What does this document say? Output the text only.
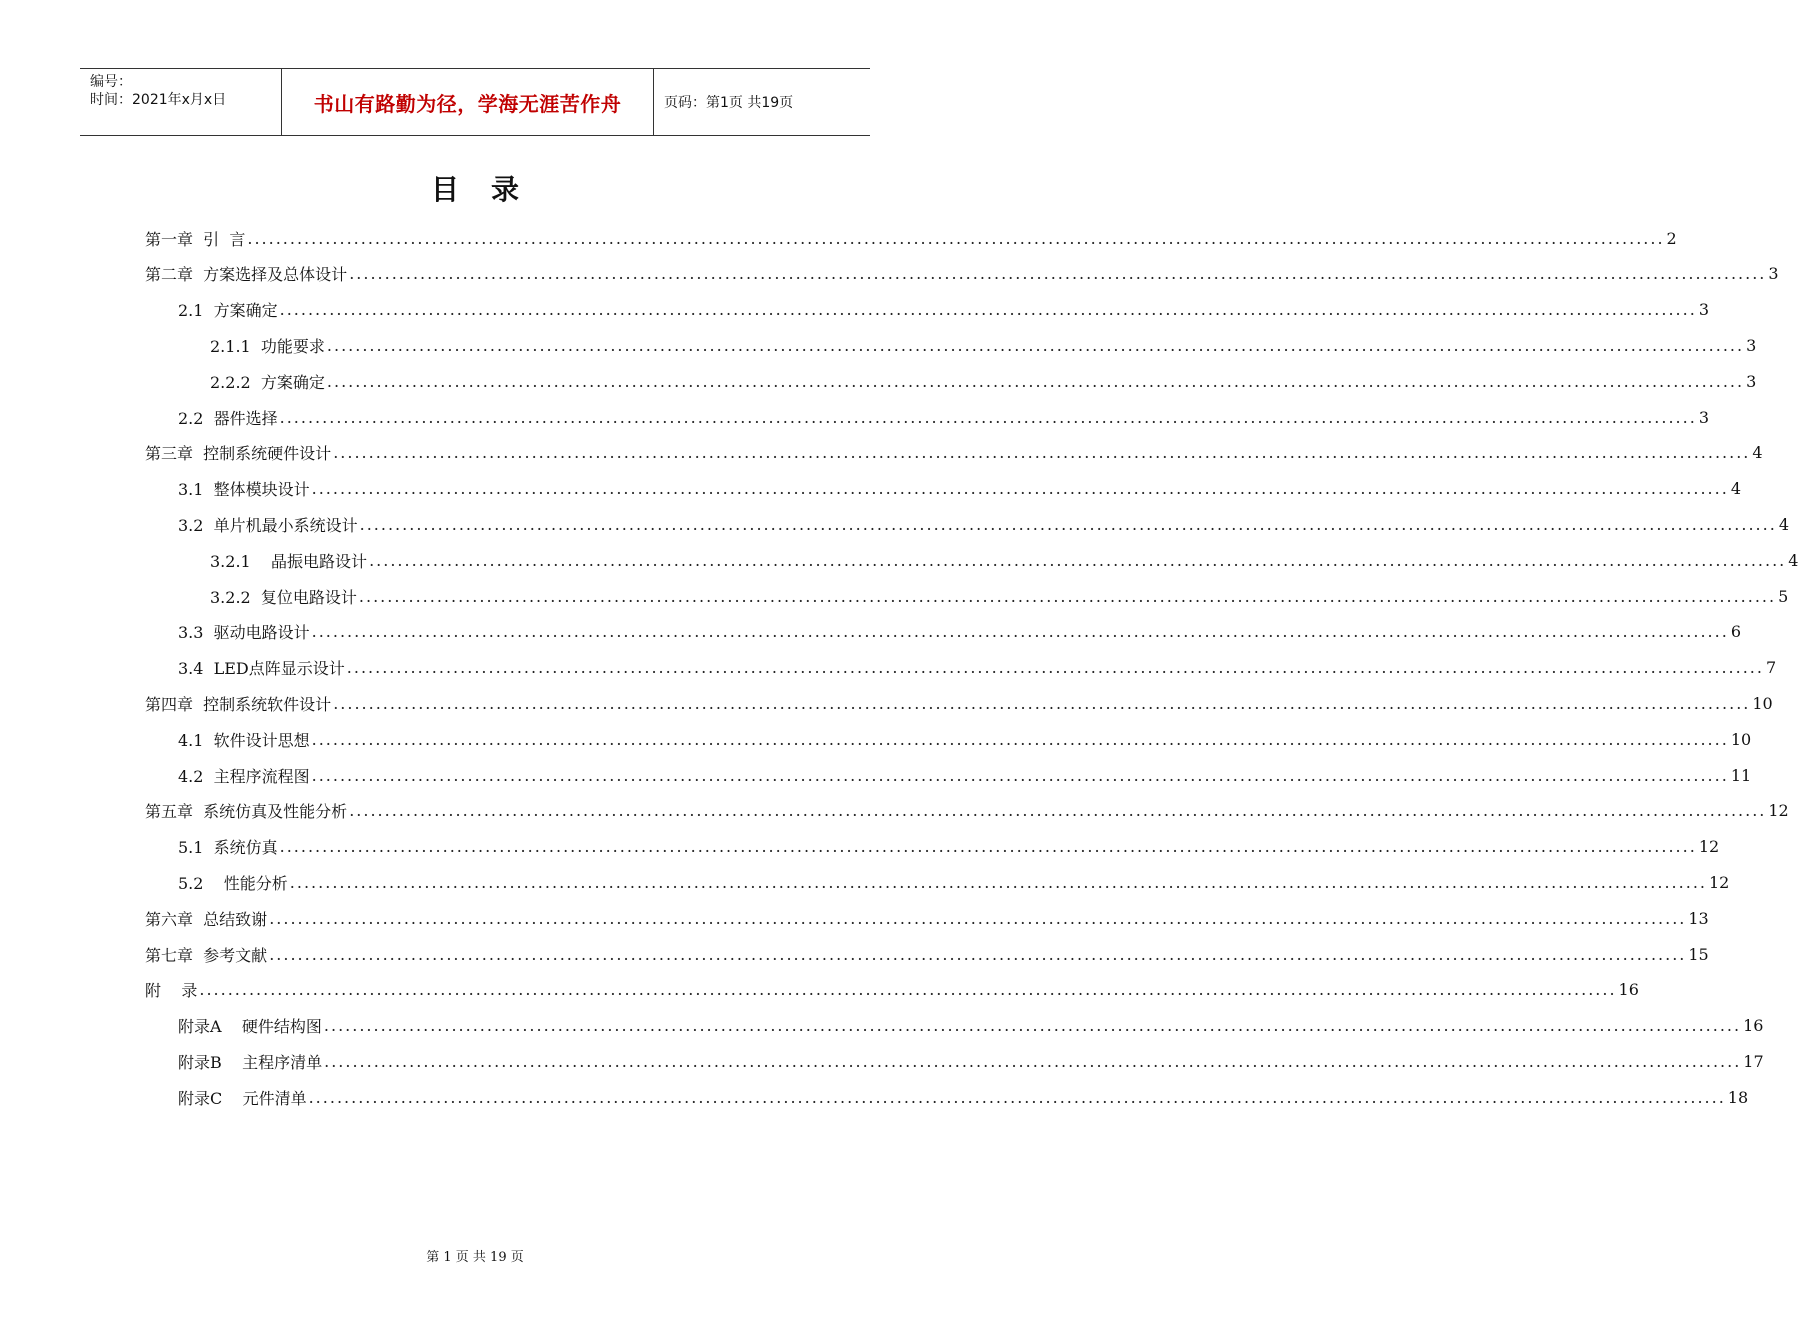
编号：
时间：2021年x月x日	书山有路勤为径，学海无涯苦作舟	页码：第1页 共19页
目录
第一章  引  言 ........................................................................................................................................................................................................ 2
第二章  方案选择及总体设计 ........................................................................................................................................................................................................ 3
2.1  方案确定 ........................................................................................................................................................................................................ 3
2.1.1  功能要求 ........................................................................................................................................................................................................ 3
2.2.2  方案确定 ........................................................................................................................................................................................................ 3
2.2  器件选择 ........................................................................................................................................................................................................ 3
第三章  控制系统硬件设计 ........................................................................................................................................................................................................ 4
3.1  整体模块设计 ........................................................................................................................................................................................................ 4
3.2  单片机最小系统设计 ........................................................................................................................................................................................................ 4
3.2.1    晶振电路设计 ........................................................................................................................................................................................................ 4
3.2.2  复位电路设计 ........................................................................................................................................................................................................ 5
3.3  驱动电路设计 ........................................................................................................................................................................................................ 6
3.4  LED点阵显示设计 ........................................................................................................................................................................................................ 7
第四章  控制系统软件设计 ........................................................................................................................................................................................................ 10
4.1  软件设计思想 ........................................................................................................................................................................................................ 10
4.2  主程序流程图 ........................................................................................................................................................................................................ 11
第五章  系统仿真及性能分析 ........................................................................................................................................................................................................ 12
5.1  系统仿真 ........................................................................................................................................................................................................ 12
5.2    性能分析 ........................................................................................................................................................................................................ 12
第六章  总结致谢 ........................................................................................................................................................................................................ 13
第七章  参考文献 ........................................................................................................................................................................................................ 15
附    录 ........................................................................................................................................................................................................ 16
附录A    硬件结构图 ........................................................................................................................................................................................................ 16
附录B    主程序清单 ........................................................................................................................................................................................................ 17
附录C    元件清单 ........................................................................................................................................................................................................ 18
第 1 页 共 19 页
